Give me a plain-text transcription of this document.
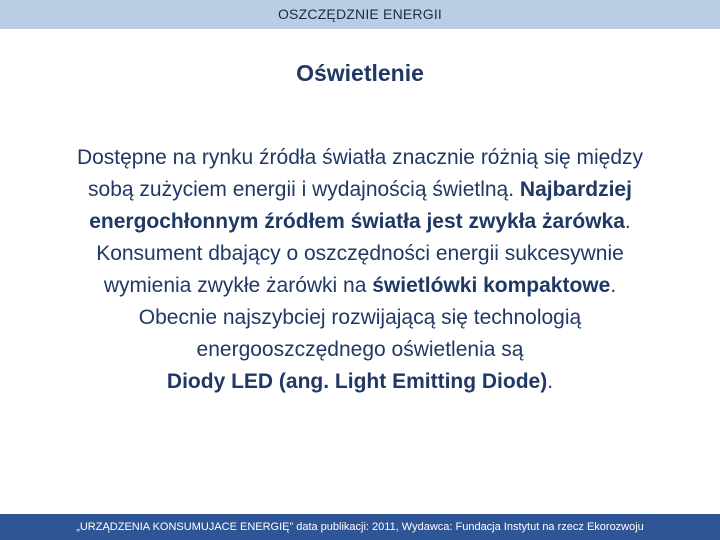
OSZCZĘDZNIE ENERGII
Oświetlenie

Dostępne na rynku źródła światła znacznie różnią się między
sobą zużyciem energii i wydajnością świetlną. Najbardziej
energochłonnym źródłem światła jest zwykła żarówka.
Konsument dbający o oszczędności energii sukcesywnie
wymienia zwykłe żarówki na świetlówki kompaktowe.
Obecnie najszybciej rozwijającą się technologią
energooszczędnego oświetlenia są
Diody LED (ang. Light Emitting Diode).

„URZĄDZENIA KONSUMUJACE ENERGIĘ” data publikacji: 2011, Wydawca: Fundacja Instytut na rzecz Ekorozwoju
